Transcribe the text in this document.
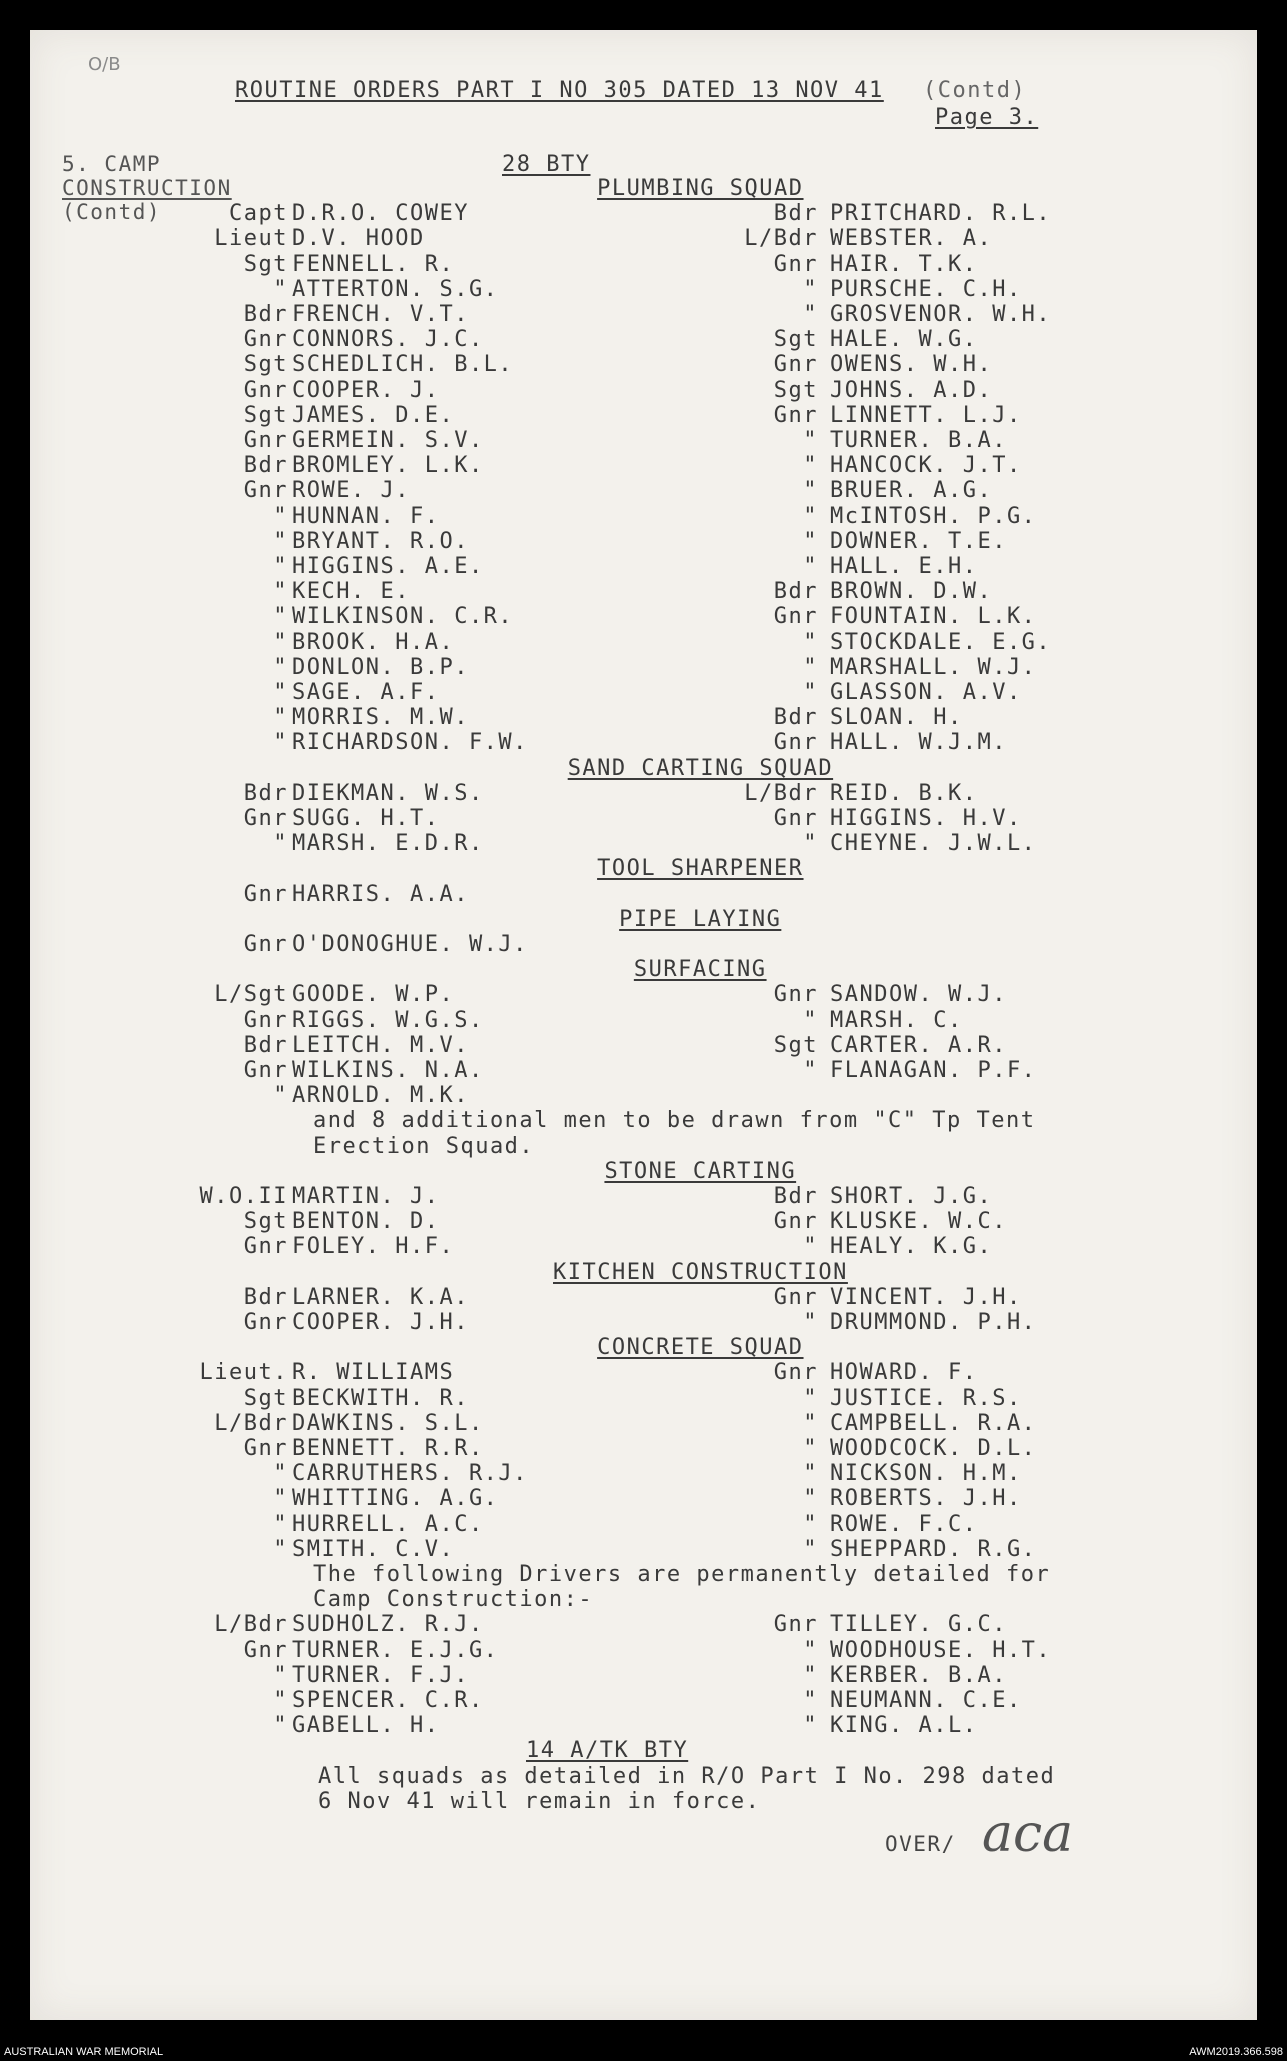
O/B
ROUTINE ORDERS PART I NO 305 DATED 13 NOV 41 (Contd)
Page 3.
5. CAMP
CONSTRUCTION
(Contd)
28 BTY
PLUMBING SQUAD
Capt D.R.O. COWEY	Bdr PRITCHARD. R.L.
Lieut D.V. HOOD	L/Bdr WEBSTER. A.
Sgt FENNELL. R.	Gnr HAIR. T.K.
" ATTERTON. S.G.	" PURSCHE. C.H.
Bdr FRENCH. V.T.	" GROSVENOR. W.H.
Gnr CONNORS. J.C.	Sgt HALE. W.G.
Sgt SCHEDLICH. B.L.	Gnr OWENS. W.H.
Gnr COOPER. J.	Sgt JOHNS. A.D.
Sgt JAMES. D.E.	Gnr LINNETT. L.J.
Gnr GERMEIN. S.V.	" TURNER. B.A.
Bdr BROMLEY. L.K.	" HANCOCK. J.T.
Gnr ROWE. J.	" BRUER. A.G.
" HUNNAN. F.	" McINTOSH. P.G.
" BRYANT. R.O.	" DOWNER. T.E.
" HIGGINS. A.E.	" HALL. E.H.
" KECH. E.	Bdr BROWN. D.W.
" WILKINSON. C.R.	Gnr FOUNTAIN. L.K.
" BROOK. H.A.	" STOCKDALE. E.G.
" DONLON. B.P.	" MARSHALL. W.J.
" SAGE. A.F.	" GLASSON. A.V.
" MORRIS. M.W.	Bdr SLOAN. H.
" RICHARDSON. F.W.	Gnr HALL. W.J.M.
SAND CARTING SQUAD
Bdr DIEKMAN. W.S.	L/Bdr REID. B.K.
Gnr SUGG. H.T.	Gnr HIGGINS. H.V.
" MARSH. E.D.R.	" CHEYNE. J.W.L.
TOOL SHARPENER
Gnr HARRIS. A.A.
PIPE LAYING
Gnr O'DONOGHUE. W.J.
SURFACING
L/Sgt GOODE. W.P.	Gnr SANDOW. W.J.
Gnr RIGGS. W.G.S.	" MARSH. C.
Bdr LEITCH. M.V.	Sgt CARTER. A.R.
Gnr WILKINS. N.A.	" FLANAGAN. P.F.
" ARNOLD. M.K.
and 8 additional men to be drawn from "C" Tp Tent
Erection Squad.
STONE CARTING
W.O.II MARTIN. J.	Bdr SHORT. J.G.
Sgt BENTON. D.	Gnr KLUSKE. W.C.
Gnr FOLEY. H.F.	" HEALY. K.G.
KITCHEN CONSTRUCTION
Bdr LARNER. K.A.	Gnr VINCENT. J.H.
Gnr COOPER. J.H.	" DRUMMOND. P.H.
CONCRETE SQUAD
Lieut. R. WILLIAMS	Gnr HOWARD. F.
Sgt BECKWITH. R.	" JUSTICE. R.S.
L/Bdr DAWKINS. S.L.	" CAMPBELL. R.A.
Gnr BENNETT. R.R.	" WOODCOCK. D.L.
" CARRUTHERS. R.J.	" NICKSON. H.M.
" WHITTING. A.G.	" ROBERTS. J.H.
" HURRELL. A.C.	" ROWE. F.C.
" SMITH. C.V.	" SHEPPARD. R.G.
The following Drivers are permanently detailed for
Camp Construction:-
L/Bdr SUDHOLZ. R.J.	Gnr TILLEY. G.C.
Gnr TURNER. E.J.G.	" WOODHOUSE. H.T.
" TURNER. F.J.	" KERBER. B.A.
" SPENCER. C.R.	" NEUMANN. C.E.
" GABELL. H.	" KING. A.L.
14 A/TK BTY
All squads as detailed in R/O Part I No. 298 dated
6 Nov 41 will remain in force.
OVER/ aca
AUSTRALIAN WAR MEMORIAL	AWM2019.366.598
